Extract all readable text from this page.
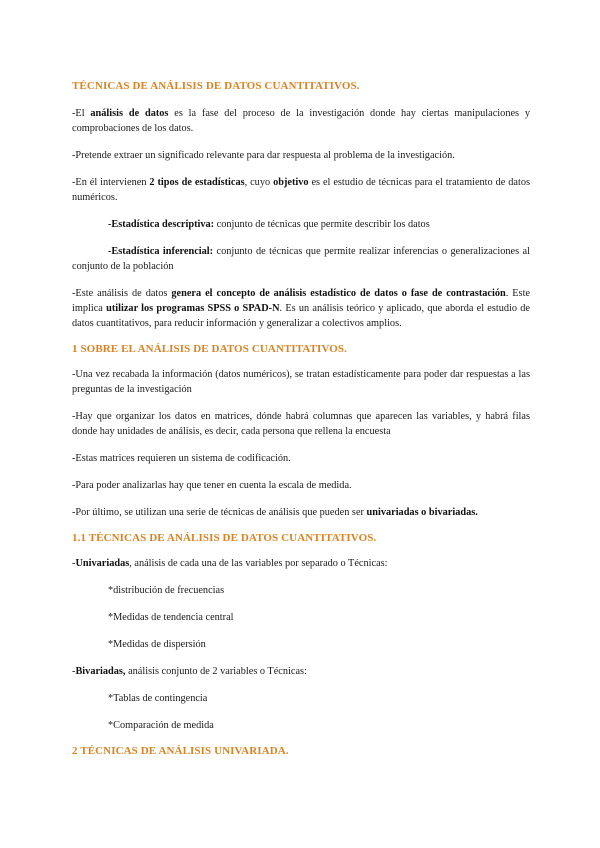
TÉCNICAS DE ANÁLISIS DE DATOS CUANTITATIVOS.

-El análisis de datos es la fase del proceso de la investigación donde hay ciertas manipulaciones y comprobaciones de los datos.

-Pretende extraer un significado relevante para dar respuesta al problema de la investigación.

-En él intervienen 2 tipos de estadísticas, cuyo objetivo es el estudio de técnicas para el tratamiento de datos numéricos.

-Estadística descriptiva: conjunto de técnicas que permite describir los datos

-Estadística inferencial: conjunto de técnicas que permite realizar inferencias o generalizaciones al conjunto de la población

-Este análisis de datos genera el concepto de análisis estadístico de datos o fase de contrastación. Este implica utilizar los programas SPSS o SPAD-N. Es un análisis teórico y aplicado, que aborda el estudio de datos cuantitativos, para reducir información y generalizar a colectivos amplios.

1 SOBRE EL ANÁLISIS DE DATOS CUANTITATIVOS.

-Una vez recabada la información (datos numéricos), se tratan estadísticamente para poder dar respuestas a las preguntas de la investigación

-Hay que organizar los datos en matrices, dónde habrá columnas que aparecen las variables, y habrá filas donde hay unidades de análisis, es decir, cada persona que rellena la encuesta

-Estas matrices requieren un sistema de codificación.

-Para poder analizarlas hay que tener en cuenta la escala de medida.

-Por último, se utilizan una serie de técnicas de análisis que pueden ser univariadas o bivariadas.

1.1 TÉCNICAS DE ANÁLISIS DE DATOS CUANTITATIVOS.

-Univariadas, análisis de cada una de las variables por separado o Técnicas:

*distribución de frecuencias

*Medidas de tendencia central

*Medidas de dispersión

-Bivariadas, análisis conjunto de 2 variables o Técnicas:

*Tablas de contingencia

*Comparación de medida

2 TÉCNICAS DE ANÁLISIS UNIVARIADA.
